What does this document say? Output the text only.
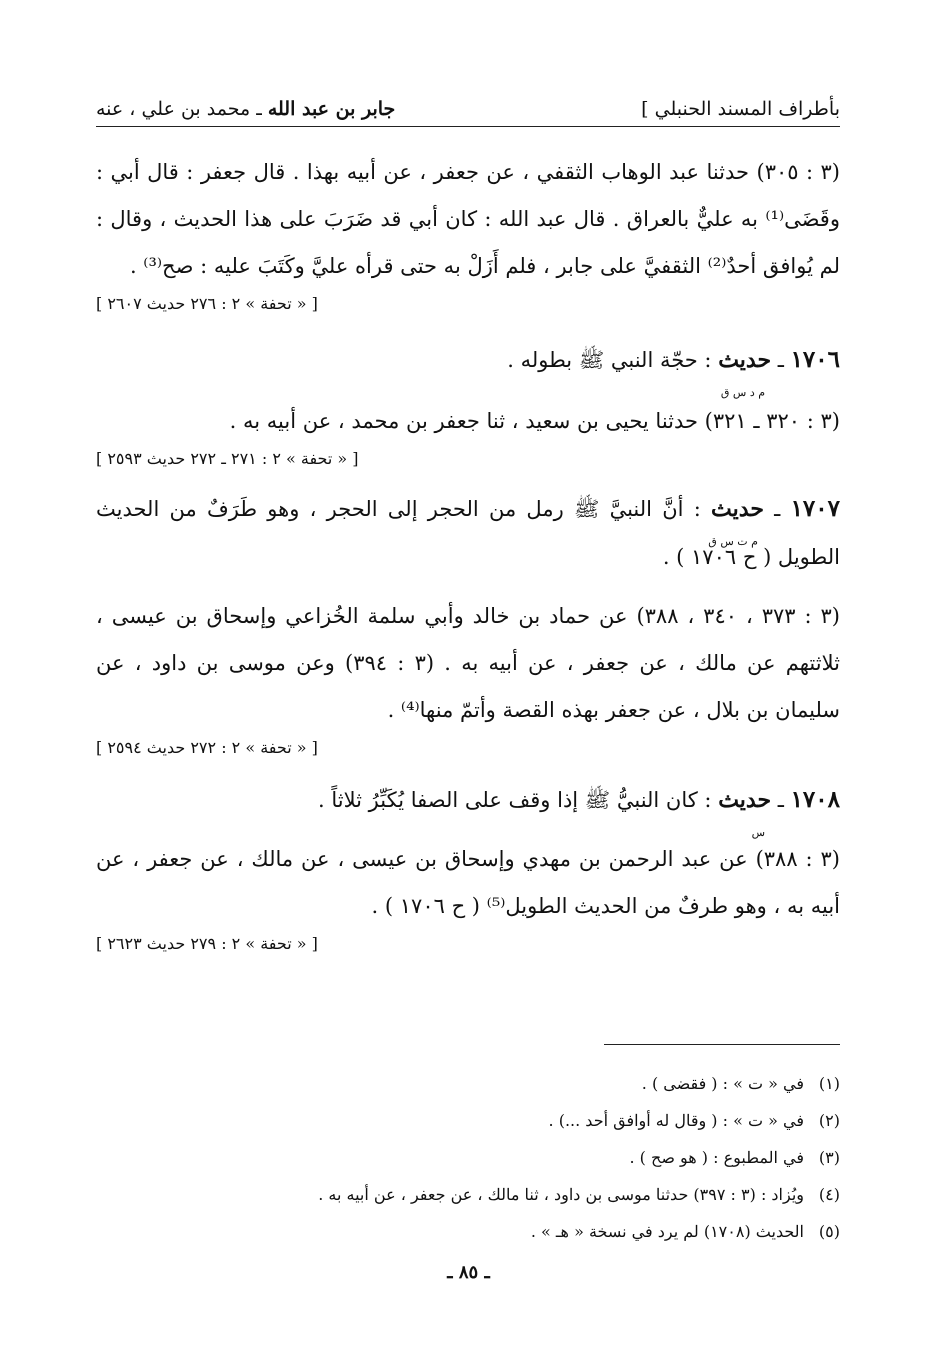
بأطراف المسند الحنبلي ]
جابر بن عبد الله ـ محمد بن علي ، عنه

(٣ : ٣٠٥) حدثنا عبد الوهاب الثقفي ، عن جعفر ، عن أبيه بهذا . قال جعفر : قال أبي : وقَضَى⁽¹⁾ به عليٌّ بالعراق . قال عبد الله : كان أبي قد ضَرَبَ على هذا الحديث ، وقال : لم يُوافق أحدٌ⁽²⁾ الثقفيَّ على جابر ، فلم أَزَلْ به حتى قرأه عليَّ وكَتَبَ عليه : صح⁽³⁾ .

[ « تحفة » ٢ : ٢٧٦ حديث ٢٦٠٧ ]

١٧٠٦ ـ حديث
م د س ق
: حجّة النبي ﷺ بطوله .

(٣ : ٣٢٠ ـ ٣٢١) حدثنا يحيى بن سعيد ، ثنا جعفر بن محمد ، عن أبيه به .

[ « تحفة » ٢ : ٢٧١ ـ ٢٧٢ حديث ٢٥٩٣ ]

١٧٠٧ ـ حديث
م ت س ق
: أنَّ النبيَّ ﷺ رمل من الحجر إلى الحجر ، وهو طَرَفٌ من الحديث الطويل ( ح ١٧٠٦ ) .

(٣ : ٣٧٣ ، ٣٤٠ ، ٣٨٨) عن حماد بن خالد وأبي سلمة الخُزاعي وإسحاق بن عيسى ، ثلاثتهم عن مالك ، عن جعفر ، عن أبيه به . (٣ : ٣٩٤) وعن موسى بن داود ، عن سليمان بن بلال ، عن جعفر بهذه القصة وأتمّ منها⁽⁴⁾ .

[ « تحفة » ٢ : ٢٧٢ حديث ٢٥٩٤ ]

١٧٠٨ ـ حديث
س
: كان النبيُّ ﷺ إذا وقف على الصفا يُكَبِّرُ ثلاثاً .

(٣ : ٣٨٨) عن عبد الرحمن بن مهدي وإسحاق بن عيسى ، عن مالك ، عن جعفر ، عن أبيه به ، وهو طرفٌ من الحديث الطويل⁽⁵⁾ ( ح ١٧٠٦ ) .

[ « تحفة » ٢ : ٢٧٩ حديث ٢٦٢٣ ]

(١)
في « ت » : ( فقضى ) .
(٢)
في « ت » : ( وقال له أوافق أحد ...) .
(٣)
في المطبوع : ( هو صح ) .
(٤)
ويُزاد : (٣ : ٣٩٧) حدثنا موسى بن داود ، ثنا مالك ، عن جعفر ، عن أبيه به .
(٥)
الحديث (١٧٠٨) لم يرد في نسخة « هـ » .
ـ ٨٥ ـ
